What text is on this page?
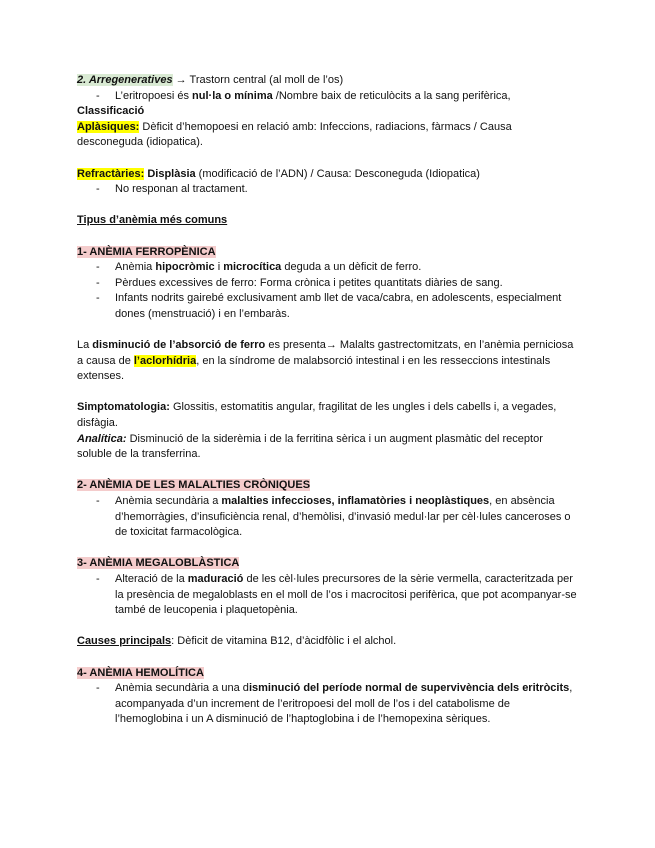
2. Arregeneratives → Trastorn central (al moll de l’os)

- L’eritropoesi és nul·la o mínima /Nombre baix de reticulòcits a la sang perifèrica,

Classificació

Aplàsiques: Dèficit d’hemopoesi en relació amb: Infeccions, radiacions, fàrmacs / Causa desconeguda (idiopatica).

Refractàries: Displàsia (modificació de l’ADN) / Causa: Desconeguda (Idiopatica)

- No responan al tractament.

Tipus d’anèmia més comuns

1- ANÈMIA FERROPÈNICA

- Anèmia hipocròmic i microcítica deguda a un dèficit de ferro.
- Pèrdues excessives de ferro: Forma crònica i petites quantitats diàries de sang.
- Infants nodrits gairebé exclusivament amb llet de vaca/cabra, en adolescents, especialment dones (menstruació) i en l’embaràs.

La disminució de l’absorció de ferro es presenta→ Malalts gastrectomitzats, en l’anèmia perniciosa a causa de l’aclorhídria, en la síndrome de malabsorció intestinal i en les resseccions intestinals extenses.

Simptomatologia: Glossitis, estomatitis angular, fragilitat de les ungles i dels cabells i, a vegades, disfàgia.

Analítica: Disminució de la siderèmia i de la ferritina sèrica i un augment plasmàtic del receptor soluble de la transferrina.

2- ANÈMIA DE LES MALALTIES CRÒNIQUES

- Anèmia secundària a malalties infeccioses, inflamatòries i neoplàstiques, en absència d’hemorràgies, d’insuficiència renal, d’hemòlisi, d’invasió medul·lar per cèl·lules canceroses o de toxicitat farmacològica.

3- ANÈMIA MEGALOBLÀSTICA

- Alteració de la maduració de les cèl·lules precursores de la sèrie vermella, caracteritzada per la presència de megaloblasts en el moll de l’os i macrocitosi perifèrica, que pot acompanyar-se també de leucopenia i plaquetopènia.

Causes principals: Dèficit de vitamina B12, d’àcidfòlic i el alchol.

4- ANÈMIA HEMOLÍTICA

- Anèmia secundària a una disminució del període normal de supervivència dels eritròcits, acompanyada d’un increment de l’eritropoesi del moll de l’os i del catabolisme de l’hemoglobina i un A disminució de l’haptoglobina i de l’hemopexina sèriques.
